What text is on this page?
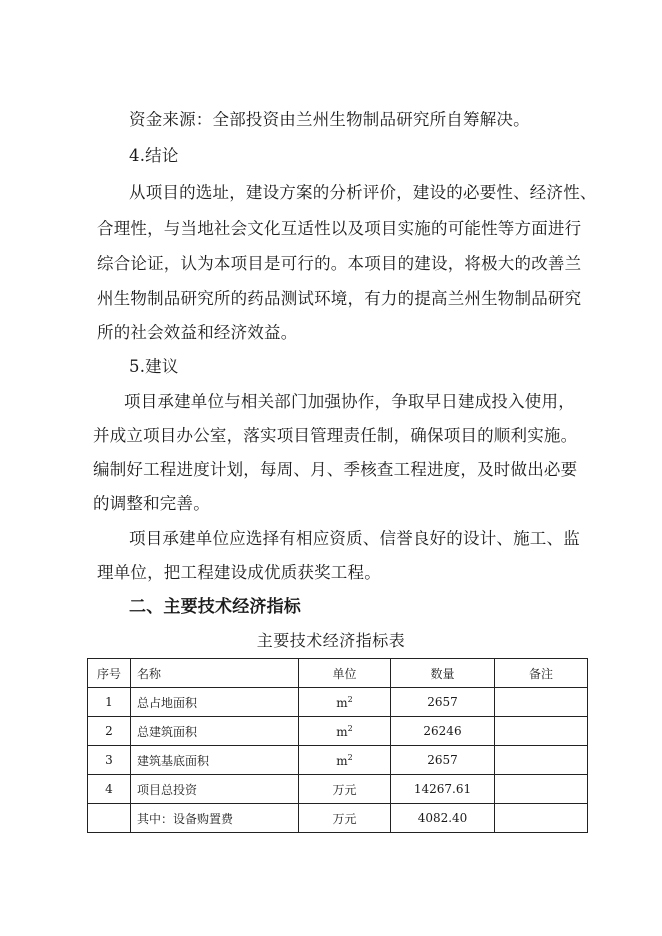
资金来源：全部投资由兰州生物制品研究所自筹解决。
4.结论
从项目的选址，建设方案的分析评价，建设的必要性、经济性、
合理性，与当地社会文化互适性以及项目实施的可能性等方面进行
综合论证，认为本项目是可行的。本项目的建设，将极大的改善兰
州生物制品研究所的药品测试环境，有力的提高兰州生物制品研究
所的社会效益和经济效益。
5.建议
项目承建单位与相关部门加强协作，争取早日建成投入使用，
并成立项目办公室，落实项目管理责任制，确保项目的顺利实施。
编制好工程进度计划，每周、月、季核查工程进度，及时做出必要
的调整和完善。
项目承建单位应选择有相应资质、信誉良好的设计、施工、监
理单位，把工程建设成优质获奖工程。
二、主要技术经济指标
主要技术经济指标表
序号	名称	单位	数量	备注
1	总占地面积	$m^2$	2657	
2	总建筑面积	$m^2$	26246	
3	建筑基底面积	$m^2$	2657	
4	项目总投资	万元	14267.61	
	其中：设备购置费	万元	4082.40	
